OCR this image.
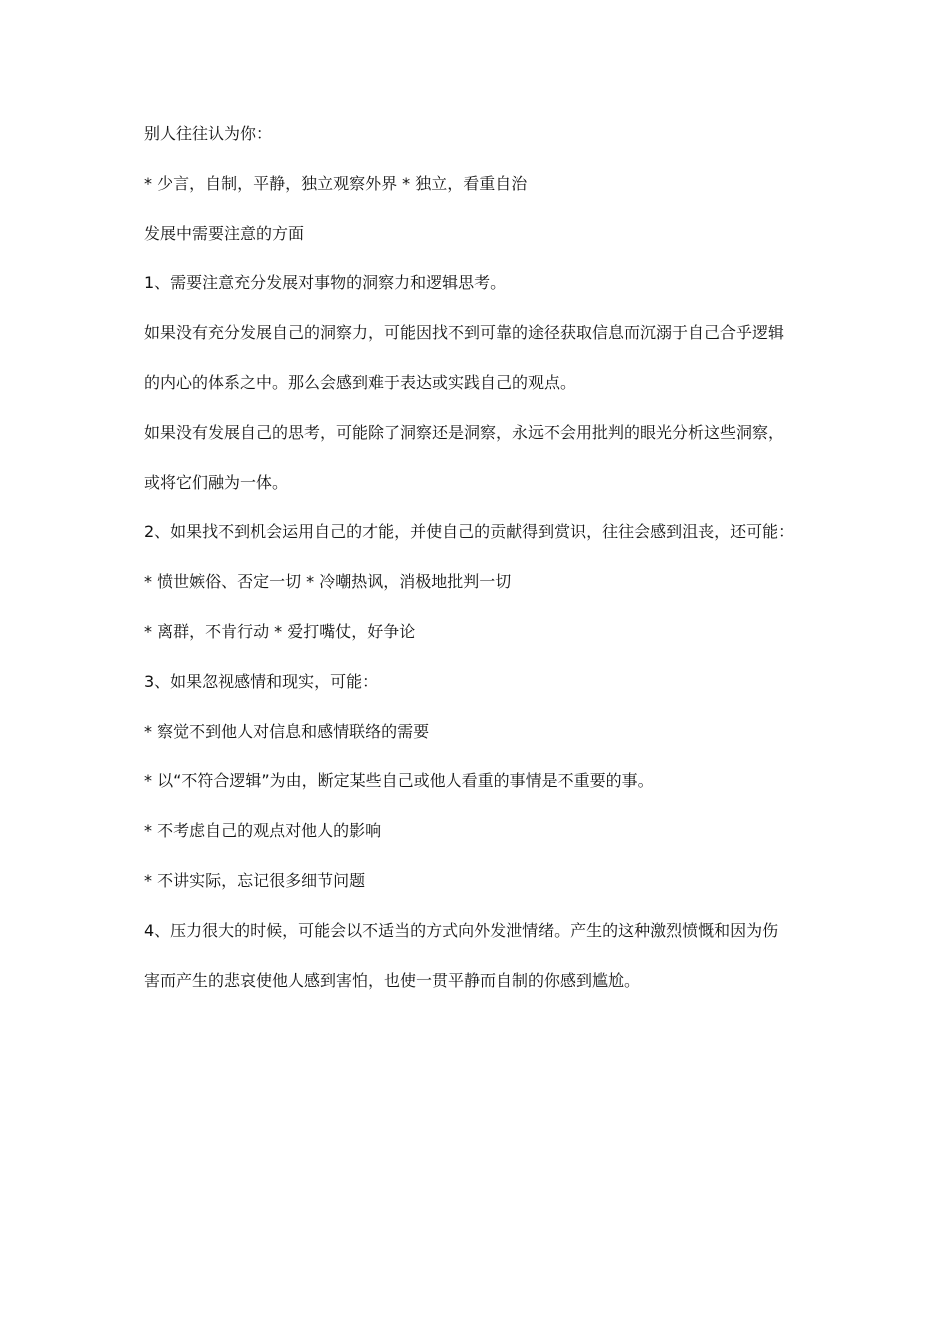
别人往往认为你：
* 少言，自制，平静，独立观察外界 * 独立，看重自治
发展中需要注意的方面
1、需要注意充分发展对事物的洞察力和逻辑思考。
如果没有充分发展自己的洞察力，可能因找不到可靠的途径获取信息而沉溺于自己合乎逻辑
的内心的体系之中。那么会感到难于表达或实践自己的观点。
如果没有发展自己的思考，可能除了洞察还是洞察，永远不会用批判的眼光分析这些洞察，
或将它们融为一体。
2、如果找不到机会运用自己的才能，并使自己的贡献得到赏识，往往会感到沮丧，还可能：
* 愤世嫉俗、否定一切 * 冷嘲热讽，消极地批判一切
* 离群，不肯行动 * 爱打嘴仗，好争论
3、如果忽视感情和现实，可能：
* 察觉不到他人对信息和感情联络的需要
* 以“不符合逻辑”为由，断定某些自己或他人看重的事情是不重要的事。
* 不考虑自己的观点对他人的影响
* 不讲实际，忘记很多细节问题
4、压力很大的时候，可能会以不适当的方式向外发泄情绪。产生的这种激烈愤慨和因为伤
害而产生的悲哀使他人感到害怕，也使一贯平静而自制的你感到尴尬。
